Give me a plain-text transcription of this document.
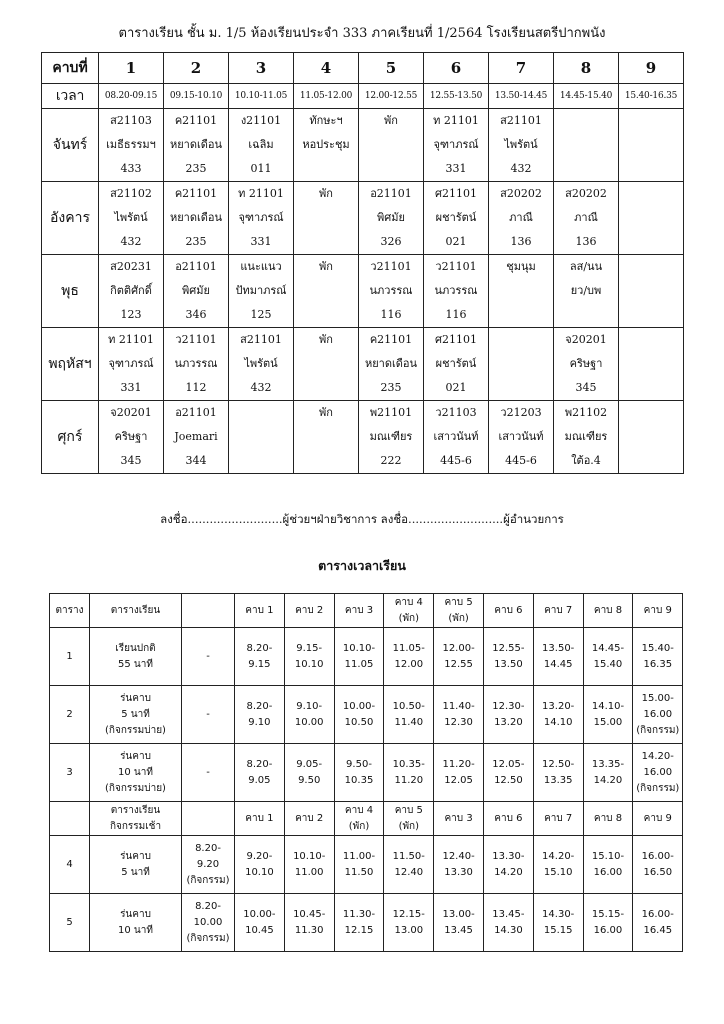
ตารางเรียน ชั้น ม. 1/5 ห้องเรียนประจำ 333 ภาคเรียนที่ 1/2564 โรงเรียนสตรีปากพนัง
คาบที่	1	2	3	4	5	6	7	8	9
เวลา	08.20-09.15	09.15-10.10	10.10-11.05	11.05-12.00	12.00-12.55	12.55-13.50	13.50-14.45	14.45-15.40	15.40-16.35
จันทร์	ส21103
เมธีธรรมฯ
433	ค21101
หยาดเดือน
235	ง21101
เฉลิม
011	ทักษะฯ
หอประชุม	พัก	ท 21101
จุฑาภรณ์
331	ส21101
ไพรัตน์
432		

อังคาร	ส21102
ไพรัตน์
432	ค21101
หยาดเดือน
235	ท 21101
จุฑาภรณ์
331	พัก	อ21101
พิศมัย
326	ศ21101
ผชารัตน์
021	ส20202
ภาณี
136	ส20202
ภาณี
136	

พุธ	ส20231
กิตติศักดิ์
123	อ21101
พิศมัย
346	แนะแนว
ปัทมาภรณ์
125	พัก	ว21101
นภวรรณ
116	ว21101
นภวรรณ
116	ชุมนุม	ลส/นน
ยว/บพ	

พฤหัสฯ	ท 21101
จุฑาภรณ์
331	ว21101
นภวรรณ
112	ส21101
ไพรัตน์
432	พัก	ค21101
หยาดเดือน
235	ศ21101
ผชารัตน์
021		จ20201
คริษฐา
345	

ศุกร์	จ20201
คริษฐา
345	อ21101
Joemari
344		พัก	พ21101
มณเฑียร
222	ว21103
เสาวนันท์
445-6	ว21203
เสาวนันท์
445-6	พ21102
มณเฑียร
ใต้อ.4	

ลงชื่อ..........................ผู้ช่วยฯฝ่ายวิชาการ ลงชื่อ..........................ผู้อำนวยการ
ตารางเวลาเรียน
ตาราง	ตารางเรียน		คาบ 1	คาบ 2	คาบ 3	คาบ 4
(พัก)	คาบ 5
(พัก)	คาบ 6	คาบ 7	คาบ 8	คาบ 9

1	เรียนปกติ
55 นาที	-	8.20-
9.15	9.15-
10.10	10.10-
11.05	11.05-
12.00	12.00-
12.55	12.55-
13.50	13.50-
14.45	14.45-
15.40	15.40-
16.35

2	ร่นคาบ
5 นาที
(กิจกรรมบ่าย)	-	8.20-
9.10	9.10-
10.00	10.00-
10.50	10.50-
11.40	11.40-
12.30	12.30-
13.20	13.20-
14.10	14.10-
15.00	15.00-
16.00
(กิจกรรม)

3	ร่นคาบ
10 นาที
(กิจกรรมบ่าย)	-	8.20-
9.05	9.05-
9.50	9.50-
10.35	10.35-
11.20	11.20-
12.05	12.05-
12.50	12.50-
13.35	13.35-
14.20	14.20-
16.00
(กิจกรรม)

	ตารางเรียน
กิจกรรมเช้า		คาบ 1	คาบ 2	คาบ 4
(พัก)	คาบ 5
(พัก)	คาบ 3	คาบ 6	คาบ 7	คาบ 8	คาบ 9

4	ร่นคาบ
5 นาที	8.20-
9.20
(กิจกรรม)	9.20-
10.10	10.10-
11.00	11.00-
11.50	11.50-
12.40	12.40-
13.30	13.30-
14.20	14.20-
15.10	15.10-
16.00	16.00-
16.50

5	ร่นคาบ
10 นาที	8.20-
10.00
(กิจกรรม)	10.00-
10.45	10.45-
11.30	11.30-
12.15	12.15-
13.00	13.00-
13.45	13.45-
14.30	14.30-
15.15	15.15-
16.00	16.00-
16.45
